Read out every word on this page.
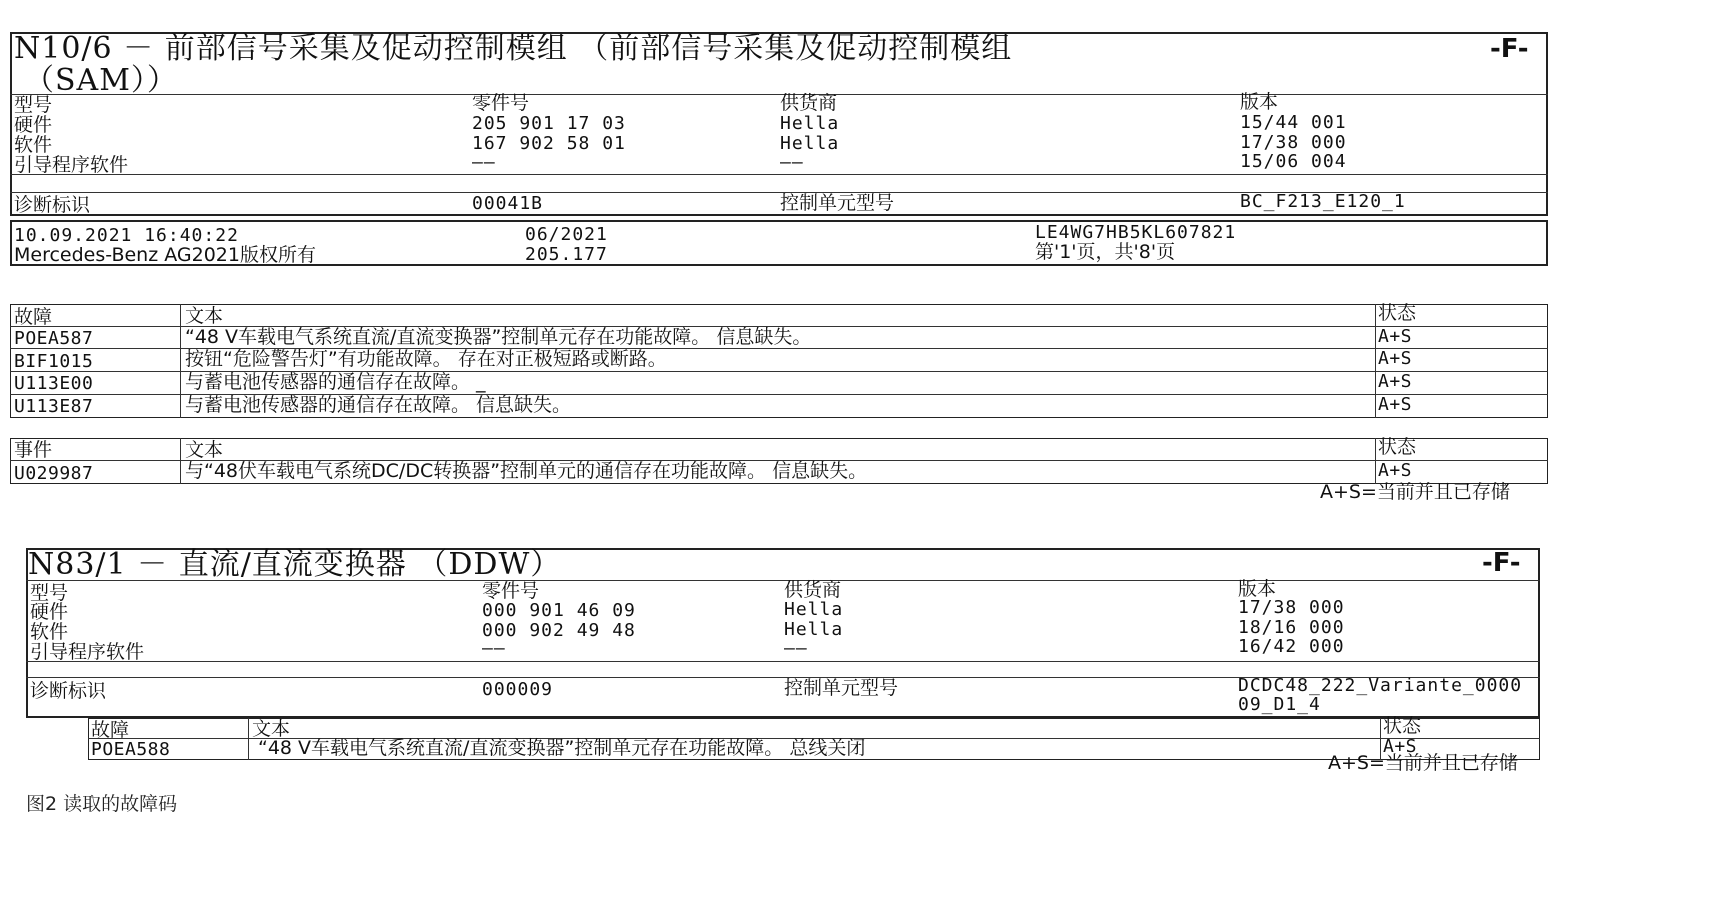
N10/6 － 前部信号采集及促动控制模组 （前部信号采集及促动控制模组
（SAM））
-F-
型号	零件号	供货商	版本
硬件	205 901 17 03	Hella	15/44 001
软件	167 902 58 01	Hella	17/38 000
引导程序软件	——	——	15/06 004
诊断标识	00041B	控制单元型号	BC_F213_E120_1
10.09.2021 16:40:22
Mercedes-Benz AG2021版权所有
06/2021
205.177
LE4WG7HB5KL607821
第'1'页，共'8'页
故障	文本	状态
POEA587	“48 V车载电气系统直流/直流变换器”控制单元存在功能故障。 信息缺失。	A+S
BIF1015	按钮“危险警告灯”有功能故障。 存在对正极短路或断路。	A+S
U113E00	与蓄电池传感器的通信存在故障。 _	A+S
U113E87	与蓄电池传感器的通信存在故障。 信息缺失。	A+S
事件	文本	状态
U029987	与“48伏车载电气系统DC/DC转换器”控制单元的通信存在功能故障。 信息缺失。	A+S
A+S=当前并且已存储
N83/1 － 直流/直流变换器 （DDW）	-F-
型号	零件号	供货商	版本
硬件	000 901 46 09	Hella	17/38 000
软件	000 902 49 48	Hella	18/16 000
引导程序软件	——	——	16/42 000
诊断标识	000009	控制单元型号	DCDC48_222_Variante_0000
09_D1_4
故障	文本	状态
POEA588	“48 V车载电气系统直流/直流变换器”控制单元存在功能故障。 总线关闭	A+S
A+S=当前并且已存储
图2 读取的故障码
